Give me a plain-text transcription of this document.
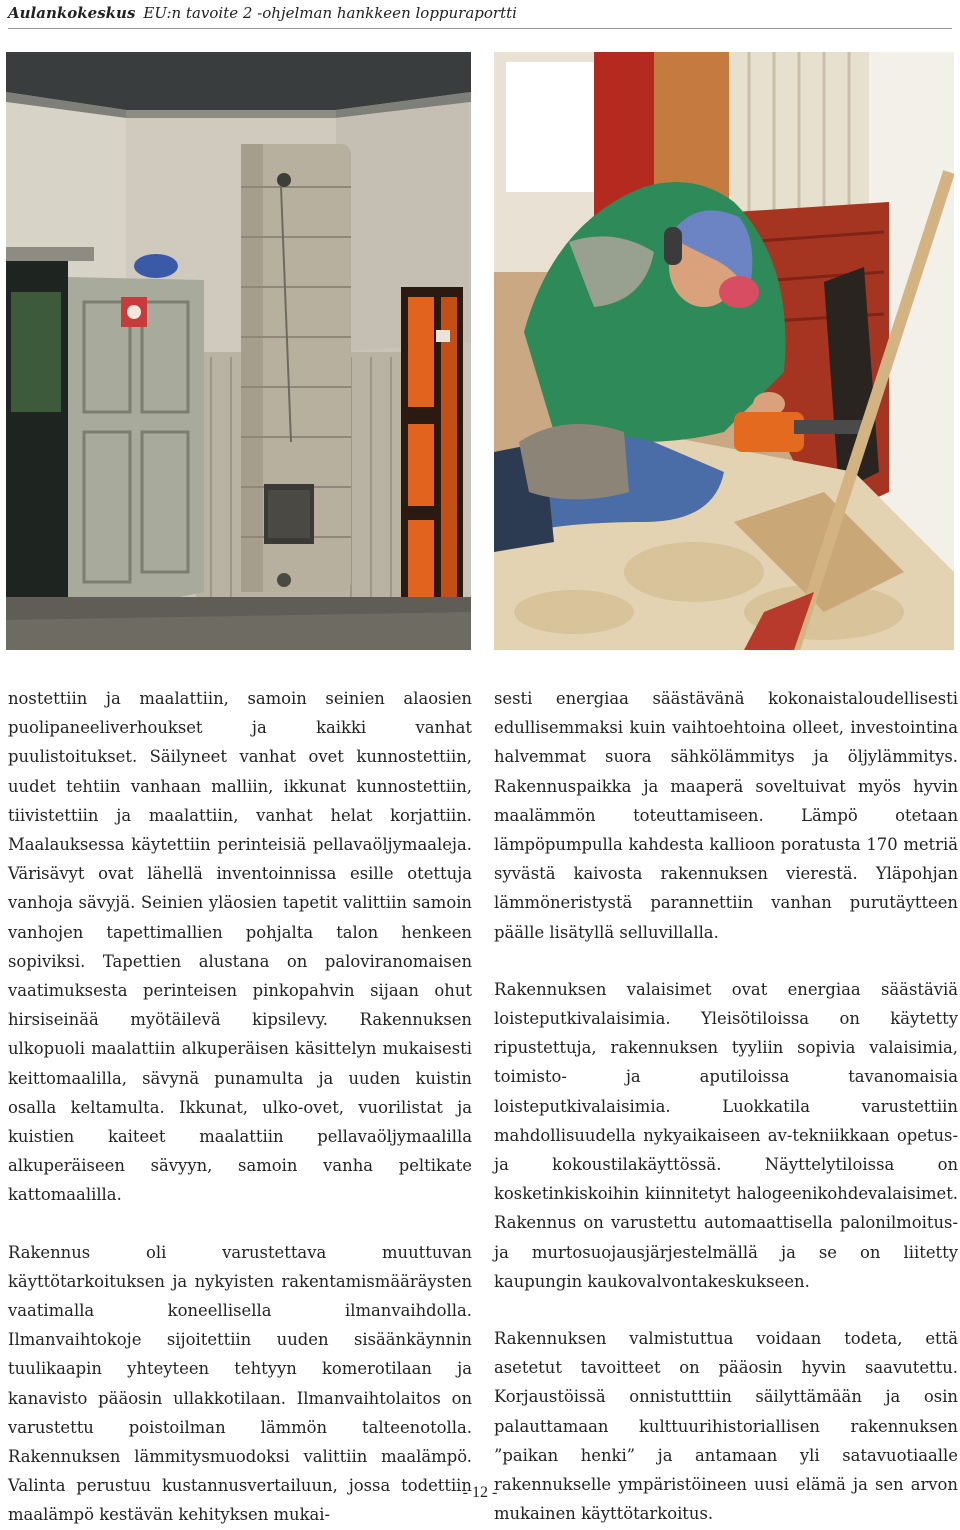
Aulankokeskus EU:n tavoite 2 -ohjelman hankkeen loppuraportti

nostettiin ja maalattiin, samoin seinien alaosien puolipaneeliverhoukset ja kaikki vanhat puulistoitukset. Säilyneet vanhat ovet kunnostettiin, uudet tehtiin vanhaan malliin, ikkunat kunnostettiin, tiivistettiin ja maalattiin, vanhat helat korjattiin. Maalauksessa käytettiin perinteisiä pellavaöljymaaleja. Värisävyt ovat lähellä inventoinnissa esille otettuja vanhoja sävyjä. Seinien yläosien tapetit valittiin samoin vanhojen tapettimallien pohjalta talon henkeen sopiviksi. Tapettien alustana on paloviranomaisen vaatimuksesta perinteisen pinkopahvin sijaan ohut hirsiseinää myötäilevä kipsilevy. Rakennuksen ulkopuoli maalattiin alkuperäisen käsittelyn mukaisesti keittomaalilla, sävynä punamulta ja uuden kuistin osalla keltamulta. Ikkunat, ulko-ovet, vuorilistat ja kuistien kaiteet maalattiin pellavaöljymaalilla alkuperäiseen sävyyn, samoin vanha peltikate kattomaalilla.

Rakennus oli varustettava muuttuvan käyttötarkoituksen ja nykyisten rakentamismääräysten vaatimalla koneellisella ilmanvaihdolla. Ilmanvaihtokoje sijoitettiin uuden sisäänkäynnin tuulikaapin yhteyteen tehtyyn komerotilaan ja kanavisto pääosin ullakkotilaan. Ilmanvaihtolaitos on varustettu poistoilman lämmön talteenotolla. Rakennuksen lämmitysmuodoksi valittiin maalämpö. Valinta perustuu kustannusvertailuun, jossa todettiin maalämpö kestävän kehityksen mukai-

sesti energiaa säästävänä kokonaistaloudellisesti edullisemmaksi kuin vaihtoehtoina olleet, investointina halvemmat suora sähkölämmitys ja öljylämmitys. Rakennuspaikka ja maaperä soveltuivat myös hyvin maalämmön toteuttamiseen. Lämpö otetaan lämpöpumpulla kahdesta kallioon poratusta 170 metriä syvästä kaivosta rakennuksen vierestä. Yläpohjan lämmöneristystä parannettiin vanhan purutäytteen päälle lisätyllä selluvillalla.

Rakennuksen valaisimet ovat energiaa säästäviä loisteputkivalaisimia. Yleisötiloissa on käytetty ripustettuja, rakennuksen tyyliin sopivia valaisimia, toimisto- ja aputiloissa tavanomaisia loisteputkivalaisimia. Luokkatila varustettiin mahdollisuudella nykyaikaiseen av-tekniikkaan opetus- ja kokoustilakäyttössä. Näyttelytiloissa on kosketinkiskoihin kiinnitetyt halogeenikohdevalaisimet. Rakennus on varustettu automaattisella palonilmoitus- ja murtosuojausjärjestelmällä ja se on liitetty kaupungin kaukovalvontakeskukseen.

Rakennuksen valmistuttua voidaan todeta, että asetetut tavoitteet on pääosin hyvin saavutettu. Korjaustöissä onnistutttiin säilyttämään ja osin palauttamaan kulttuurihistoriallisen rakennuksen ”paikan henki” ja antamaan yli satavuotiaalle rakennukselle ympäristöineen uusi elämä ja sen arvon mukainen käyttötarkoitus.

- 12 -
